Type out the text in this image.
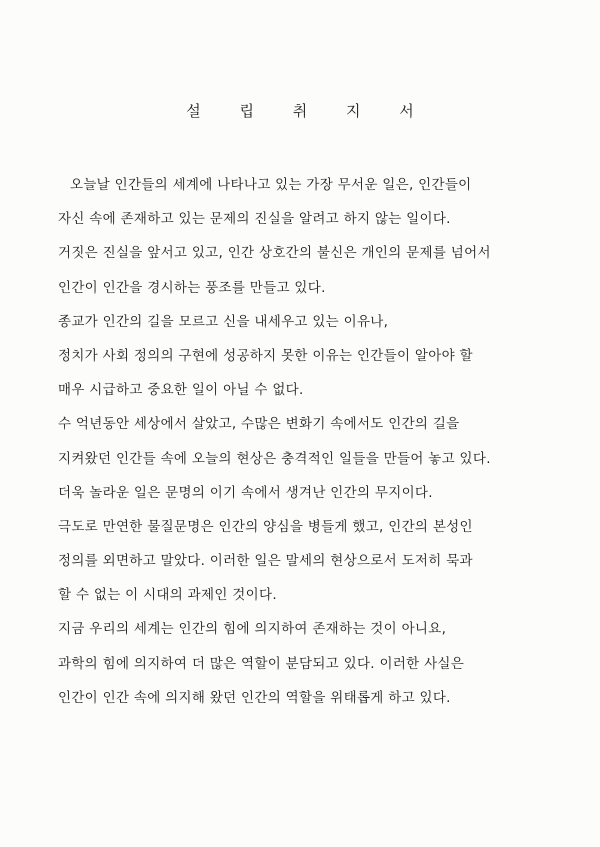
설 립 취 지 서
오늘날 인간들의 세계에 나타나고 있는 가장 무서운 일은, 인간들이
자신 속에 존재하고 있는 문제의 진실을 알려고 하지 않는 일이다.
거짓은 진실을 앞서고 있고, 인간 상호간의 불신은 개인의 문제를 넘어서
인간이 인간을 경시하는 풍조를 만들고 있다.
종교가 인간의 길을 모르고 신을 내세우고 있는 이유나,
정치가 사회 정의의 구현에 성공하지 못한 이유는 인간들이 알아야 할
매우 시급하고 중요한 일이 아닐 수 없다.
수 억년동안 세상에서 살았고, 수많은 변화기 속에서도 인간의 길을
지켜왔던 인간들 속에 오늘의 현상은 충격적인 일들을 만들어 놓고 있다.
더욱 놀라운 일은 문명의 이기 속에서 생겨난 인간의 무지이다.
극도로 만연한 물질문명은 인간의 양심을 병들게 했고, 인간의 본성인
정의를 외면하고 말았다. 이러한 일은 말세의 현상으로서 도저히 묵과
할 수 없는 이 시대의 과제인 것이다.
지금 우리의 세계는 인간의 힘에 의지하여 존재하는 것이 아니요,
과학의 힘에 의지하여 더 많은 역할이 분담되고 있다. 이러한 사실은
인간이 인간 속에 의지해 왔던 인간의 역할을 위태롭게 하고 있다.
